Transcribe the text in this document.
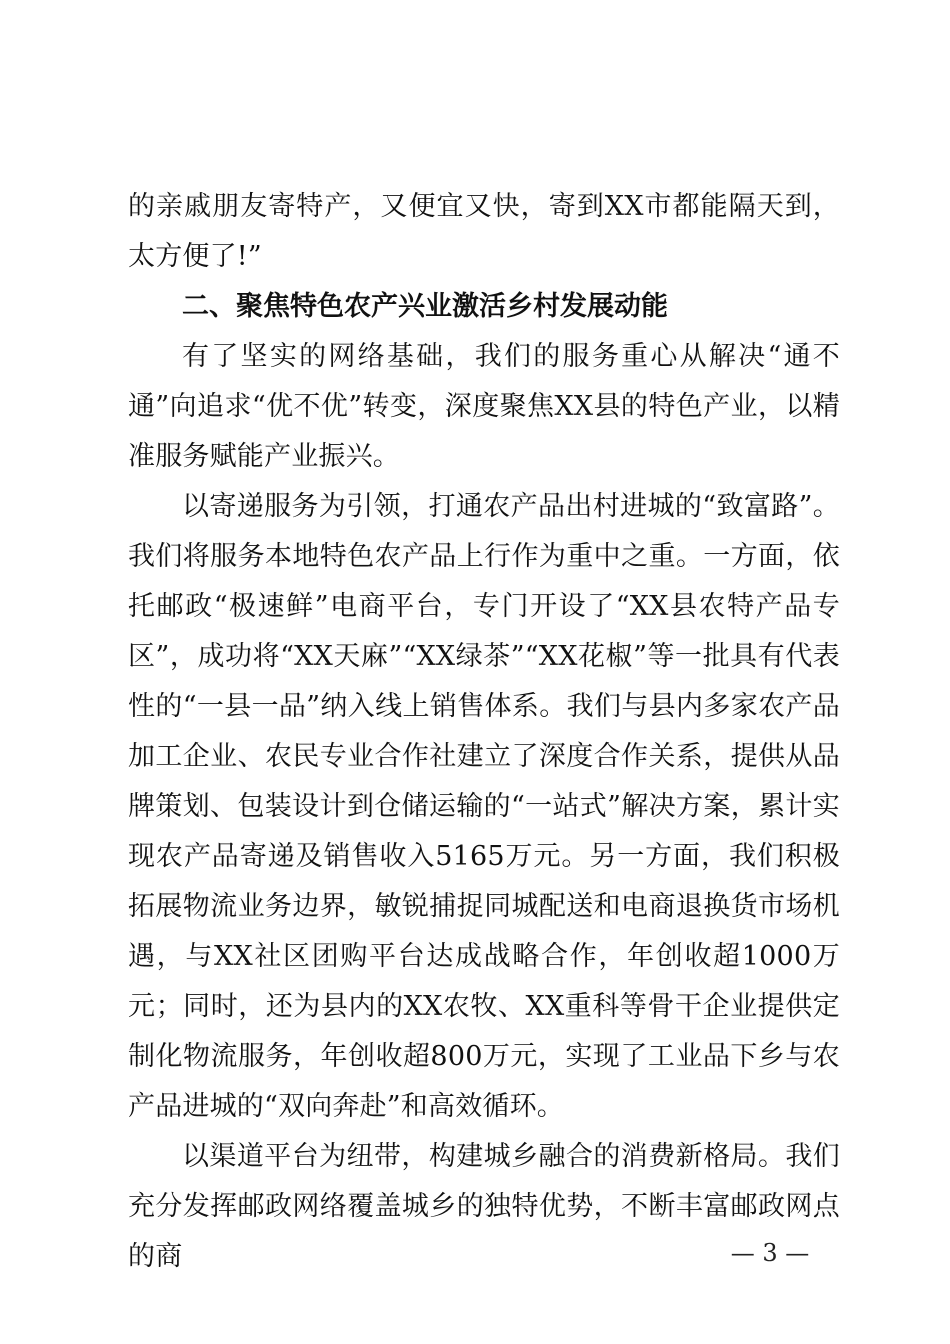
的亲戚朋友寄特产，又便宜又快，寄到XX市都能隔天到，太方便了!”

二、聚焦特色农产兴业激活乡村发展动能

有了坚实的网络基础，我们的服务重心从解决“通不通”向追求“优不优”转变，深度聚焦XX县的特色产业，以精准服务赋能产业振兴。

以寄递服务为引领，打通农产品出村进城的“致富路”。我们将服务本地特色农产品上行作为重中之重。一方面，依托邮政“极速鲜”电商平台，专门开设了“XX县农特产品专区”，成功将“XX天麻”“XX绿茶”“XX花椒”等一批具有代表性的“一县一品”纳入线上销售体系。我们与县内多家农产品加工企业、农民专业合作社建立了深度合作关系，提供从品牌策划、包装设计到仓储运输的“一站式”解决方案，累计实现农产品寄递及销售收入5165万元。另一方面，我们积极拓展物流业务边界，敏锐捕捉同城配送和电商退换货市场机遇，与XX社区团购平台达成战略合作，年创收超1000万元；同时，还为县内的XX农牧、XX重科等骨干企业提供定制化物流服务，年创收超800万元，实现了工业品下乡与农产品进城的“双向奔赴”和高效循环。

以渠道平台为纽带，构建城乡融合的消费新格局。我们充分发挥邮政网络覆盖城乡的独特优势，不断丰富邮政网点的商	— 3 —
